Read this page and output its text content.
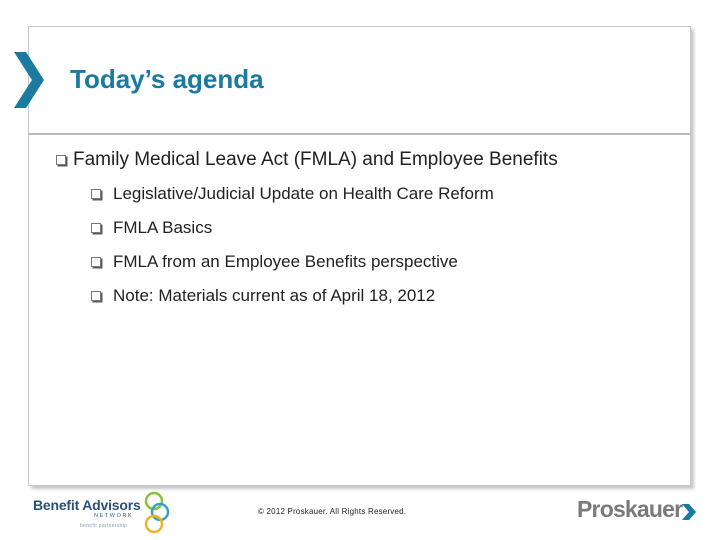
Today’s agenda
Family Medical Leave Act (FMLA) and Employee Benefits
Legislative/Judicial Update on Health Care Reform
FMLA Basics
FMLA from an Employee Benefits perspective
Note: Materials current as of April 18, 2012
Benefit Advisors
NETWORK
benefit partnership
© 2012 Proskauer. All Rights Reserved.	Proskauer
